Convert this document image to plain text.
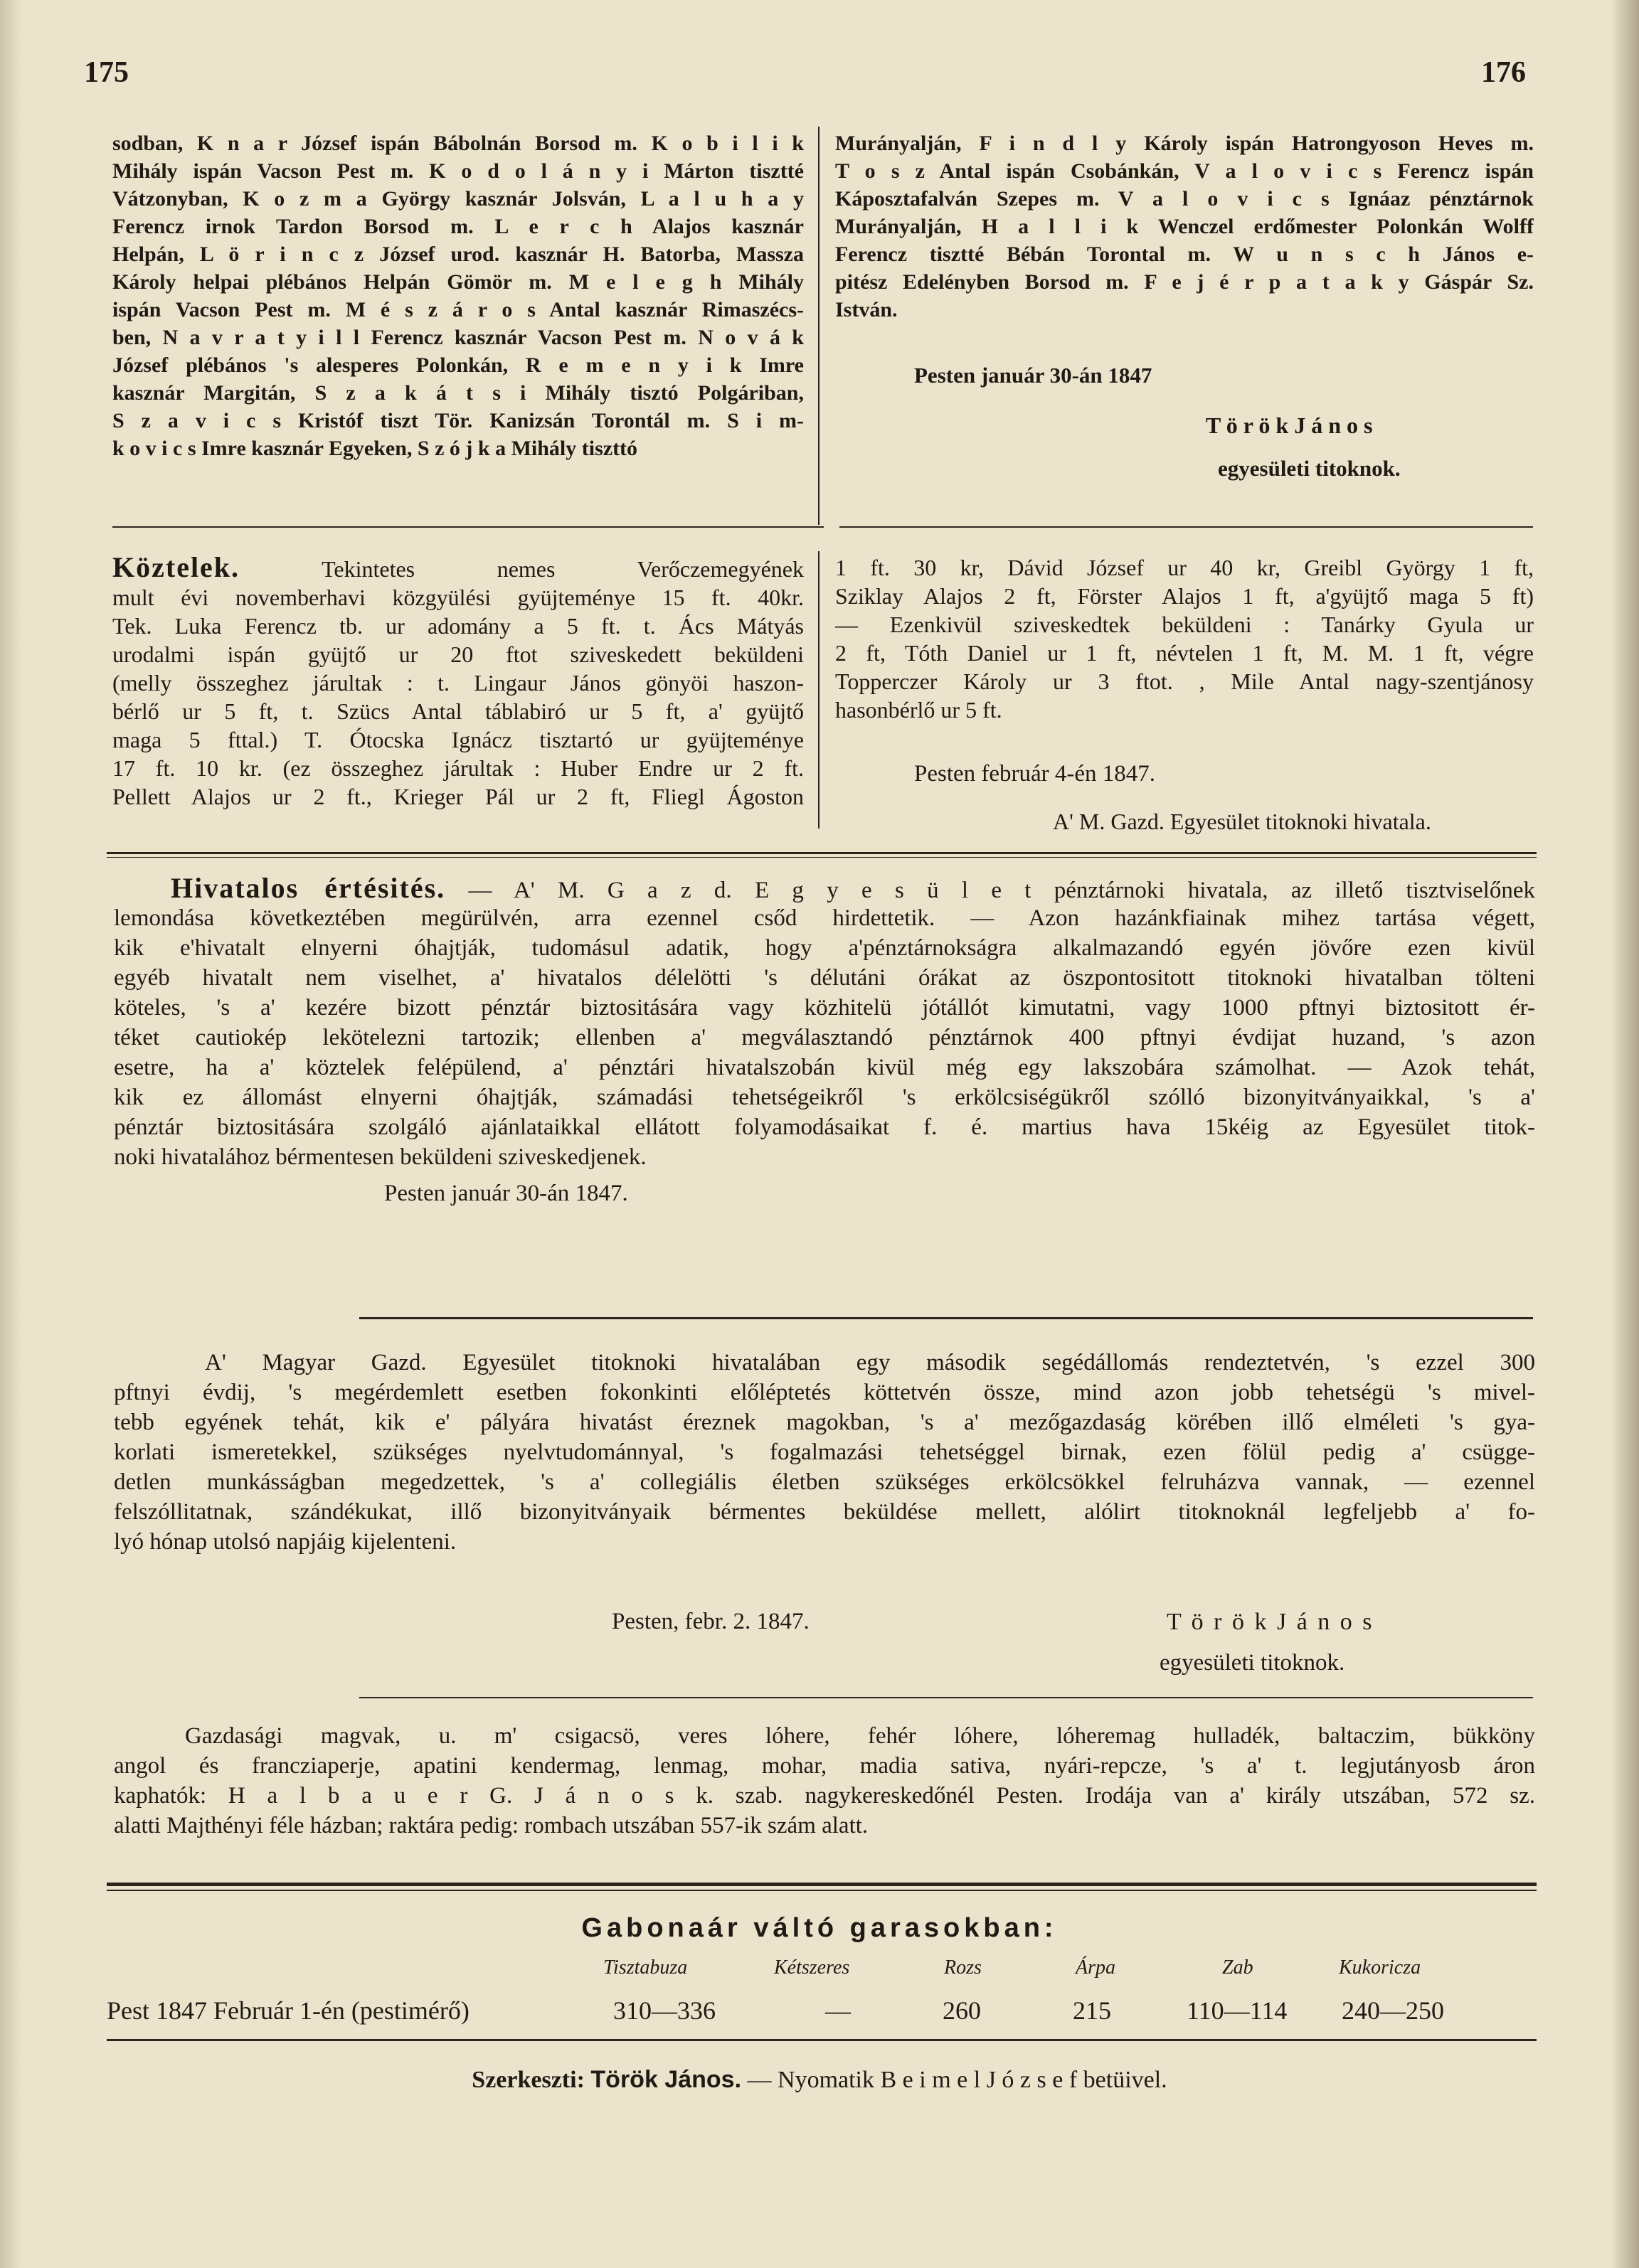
175	176
sodban, K n a r József ispán Bábolnán Borsod m. K o b i l i k
Mihály ispán Vacson Pest m. K o d o l á n y i Márton tisztté
Vátzonyban, K o z m a György kasznár Jolsván, L a l u h a y
Ferencz irnok Tardon Borsod m. L e r c h Alajos kasznár
Helpán, L ö r i n c z József urod. kasznár H. Batorba, Massza
Károly helpai plébános Helpán Gömör m. M e l e g h Mihály
ispán Vacson Pest m. M é s z á r o s Antal kasznár Rimaszécs-
ben, N a v r a t y i l l Ferencz kasznár Vacson Pest m. N o v á k
József plébános 's alesperes Polonkán, R e m e n y i k Imre
kasznár Margitán, S z a k á t s i Mihály tisztó Polgáriban,
S z a v i c s Kristóf tiszt Tör. Kanizsán Torontál m. S i m-
k o v i c s Imre kasznár Egyeken, S z ó j k a Mihály tiszttó
Murányalján, F i n d l y Károly ispán Hatrongyoson Heves m.
T o s z Antal ispán Csobánkán, V a l o v i c s Ferencz ispán
Káposztafalván Szepes m. V a l o v i c s Ignáaz pénztárnok
Murányalján, H a l l i k Wenczel erdőmester Polonkán Wolff
Ferencz tisztté Bébán Torontal m. W u n s c h János e-
pitész Edelényben Borsod m. F e j é r p a t a k y Gáspár Sz.
István.
Pesten január 30-án 1847
T ö r ö k J á n o s
egyesületi titoknok.
Köztelek.	Tekintetes nemes Verőczemegyének
mult évi novemberhavi közgyülési gyüjteménye 15 ft. 40kr.
Tek. Luka Ferencz tb. ur adomány a 5 ft. t. Ács Mátyás
urodalmi ispán gyüjtő ur 20 ftot sziveskedett beküldeni
(melly összeghez járultak : t. Lingaur János gönyöi haszon-
bérlő ur 5 ft, t. Szücs Antal táblabiró ur 5 ft, a' gyüjtő
maga 5 fttal.) T. Ótocska Ignácz tisztartó ur gyüjteménye
17 ft. 10 kr. (ez összeghez járultak : Huber Endre ur 2 ft.
Pellett Alajos ur 2 ft., Krieger Pál ur 2 ft, Fliegl Ágoston
1 ft. 30 kr, Dávid József ur 40 kr, Greibl György 1 ft,
Sziklay Alajos 2 ft, Förster Alajos 1 ft, a'gyüjtő maga 5 ft)
— Ezenkivül sziveskedtek beküldeni : Tanárky Gyula ur
2 ft, Tóth Daniel ur 1 ft, névtelen 1 ft, M. M. 1 ft, végre
Topperczer Károly ur 3 ftot. , Mile Antal nagy-szentjánosy
hasonbérlő ur 5 ft.
Pesten február 4-én 1847.
A' M. Gazd. Egyesület titoknoki hivatala.
Hivatalos értésités. — A' M. G a z d. E g y e s ü l e t pénztárnoki hivatala, az illető tisztviselőnek
lemondása következtében megürülvén, arra ezennel csőd hirdettetik. — Azon hazánkfiainak mihez tartása végett,
kik e'hivatalt elnyerni óhajtják, tudomásul adatik, hogy a'pénztárnokságra alkalmazandó egyén jövőre ezen kivül
egyéb hivatalt nem viselhet, a' hivatalos délelötti 's délutáni órákat az öszpontositott titoknoki hivatalban tölteni
köteles, 's a' kezére bizott pénztár biztositására vagy közhitelü jótállót kimutatni, vagy 1000 pftnyi biztositott ér-
téket cautiokép lekötelezni tartozik; ellenben a' megválasztandó pénztárnok 400 pftnyi évdijat huzand, 's azon
esetre, ha a' köztelek felépülend, a' pénztári hivatalszobán kivül még egy lakszobára számolhat. — Azok tehát,
kik ez állomást elnyerni óhajtják, számadási tehetségeikről 's erkölcsiségükről szólló bizonyitványaikkal, 's a'
pénztár biztositására szolgáló ajánlataikkal ellátott folyamodásaikat f. é. martius hava 15kéig az Egyesület titok-
noki hivatalához bérmentesen beküldeni sziveskedjenek.
Pesten január 30-án 1847.
A' Magyar Gazd. Egyesület titoknoki hivatalában egy második segédállomás rendeztetvén, 's ezzel 300
pftnyi évdij, 's megérdemlett esetben fokonkinti előléptetés köttetvén össze, mind azon jobb tehetségü 's mivel-
tebb egyének tehát, kik e' pályára hivatást éreznek magokban, 's a' mezőgazdaság körében illő elméleti 's gya-
korlati ismeretekkel, szükséges nyelvtudománnyal, 's fogalmazási tehetséggel birnak, ezen fölül pedig a' csügge-
detlen munkásságban megedzettek, 's a' collegiális életben szükséges erkölcsökkel felruházva vannak, — ezennel
felszóllitatnak, szándékukat, illő bizonyitványaik bérmentes beküldése mellett, alólirt titoknoknál legfeljebb a' fo-
lyó hónap utolsó napjáig kijelenteni.
Pesten, febr. 2. 1847.	T ö r ö k J á n o s
egyesületi titoknok.
Gazdasági magvak, u. m' csigacsö, veres lóhere, fehér lóhere, lóheremag hulladék, baltaczim, bükköny
angol és francziaperje, apatini kendermag, lenmag, mohar, madia sativa, nyári-repcze, 's a' t. legjutányosb áron
kaphatók: H a l b a u e r G. J á n o s k. szab. nagykereskedőnél Pesten. Irodája van a' király utszában, 572 sz.
alatti Majthényi féle házban; raktára pedig: rombach utszában 557-ik szám alatt.
Gabonaár váltó garasokban:
Tisztabuza	Kétszeres	Rozs	Árpa	Zab	Kukoricza
Pest 1847 Február 1-én (pestimérő)	310—336	—	260	215	110—114 240—250
Szerkeszti: Török János. — Nyomatik B e i m e l J ó z s e f betüivel.
